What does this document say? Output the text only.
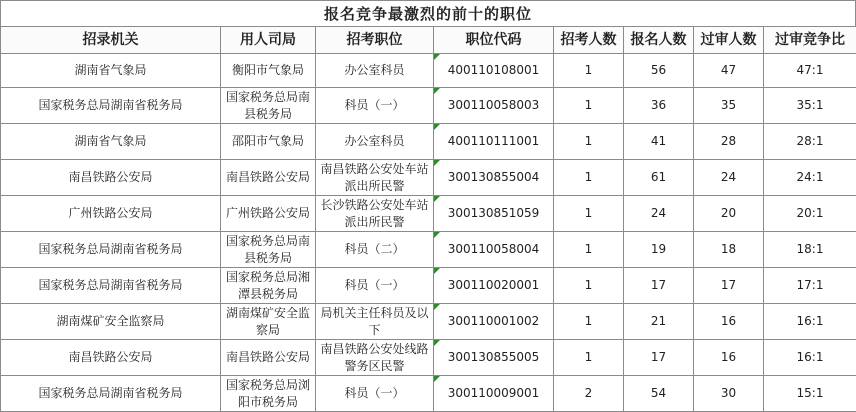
报名竞争最激烈的前十的职位
招录机关	用人司局	招考职位	职位代码	招考人数	报名人数	过审人数	过审竞争比
湖南省气象局	衡阳市气象局	办公室科员	400110108001	1	56	47	47:1
国家税务总局湖南省税务局	国家税务总局南县税务局	科员（一）	300110058003	1	36	35	35:1
湖南省气象局	邵阳市气象局	办公室科员	400110111001	1	41	28	28:1
南昌铁路公安局	南昌铁路公安局	南昌铁路公安处车站派出所民警	300130855004	1	61	24	24:1
广州铁路公安局	广州铁路公安局	长沙铁路公安处车站派出所民警	300130851059	1	24	20	20:1
国家税务总局湖南省税务局	国家税务总局南县税务局	科员（二）	300110058004	1	19	18	18:1
国家税务总局湖南省税务局	国家税务总局湘潭县税务局	科员（一）	300110020001	1	17	17	17:1
湖南煤矿安全监察局	湖南煤矿安全监察局	局机关主任科员及以下	300110001002	1	21	16	16:1
南昌铁路公安局	南昌铁路公安局	南昌铁路公安处线路警务区民警	300130855005	1	17	16	16:1
国家税务总局湖南省税务局	国家税务总局浏阳市税务局	科员（一）	300110009001	2	54	30	15:1
